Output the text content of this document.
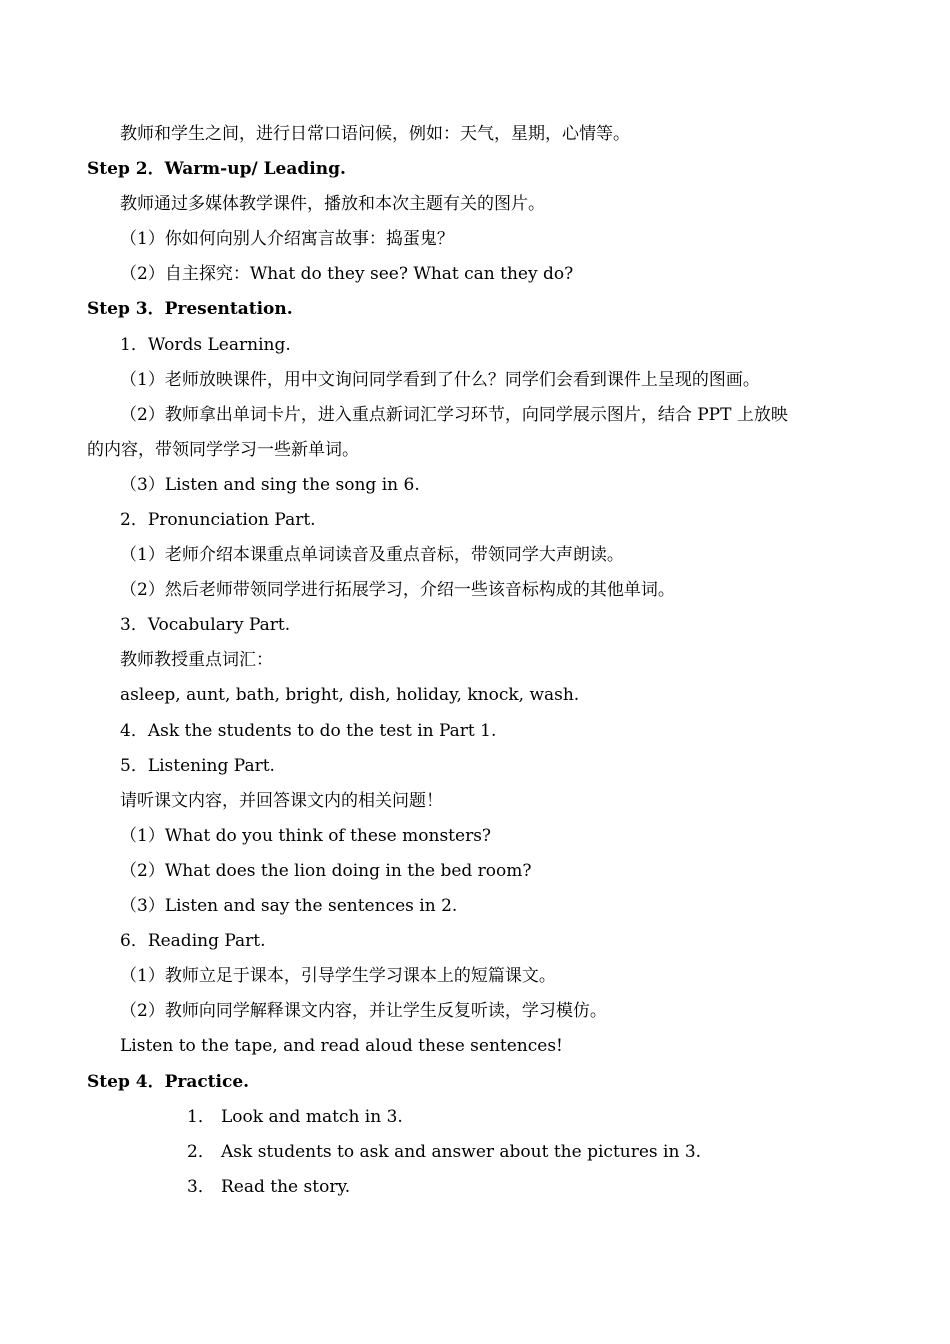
教师和学生之间，进行日常口语问候，例如：天气，星期，心情等。
Step 2．Warm-up/ Leading.
教师通过多媒体教学课件，播放和本次主题有关的图片。
（1）你如何向别人介绍寓言故事：捣蛋鬼？
（2）自主探究：What do they see? What can they do?
Step 3．Presentation.
1．Words Learning.
（1）老师放映课件，用中文询问同学看到了什么？同学们会看到课件上呈现的图画。
（2）教师拿出单词卡片，进入重点新词汇学习环节，向同学展示图片，结合 PPT 上放映
的内容，带领同学学习一些新单词。
（3）Listen and sing the song in 6.
2．Pronunciation Part.
（1）老师介绍本课重点单词读音及重点音标，带领同学大声朗读。
（2）然后老师带领同学进行拓展学习，介绍一些该音标构成的其他单词。
3．Vocabulary Part.
教师教授重点词汇：
asleep, aunt, bath, bright, dish, holiday, knock, wash.
4．Ask the students to do the test in Part 1.
5．Listening Part.
请听课文内容，并回答课文内的相关问题！
（1）What do you think of these monsters?
（2）What does the lion doing in the bed room?
（3）Listen and say the sentences in 2.
6．Reading Part.
（1）教师立足于课本，引导学生学习课本上的短篇课文。
（2）教师向同学解释课文内容，并让学生反复听读，学习模仿。
Listen to the tape, and read aloud these sentences!
Step 4．Practice.
1． Look and match in 3.
2． Ask students to ask and answer about the pictures in 3.
3． Read the story.
